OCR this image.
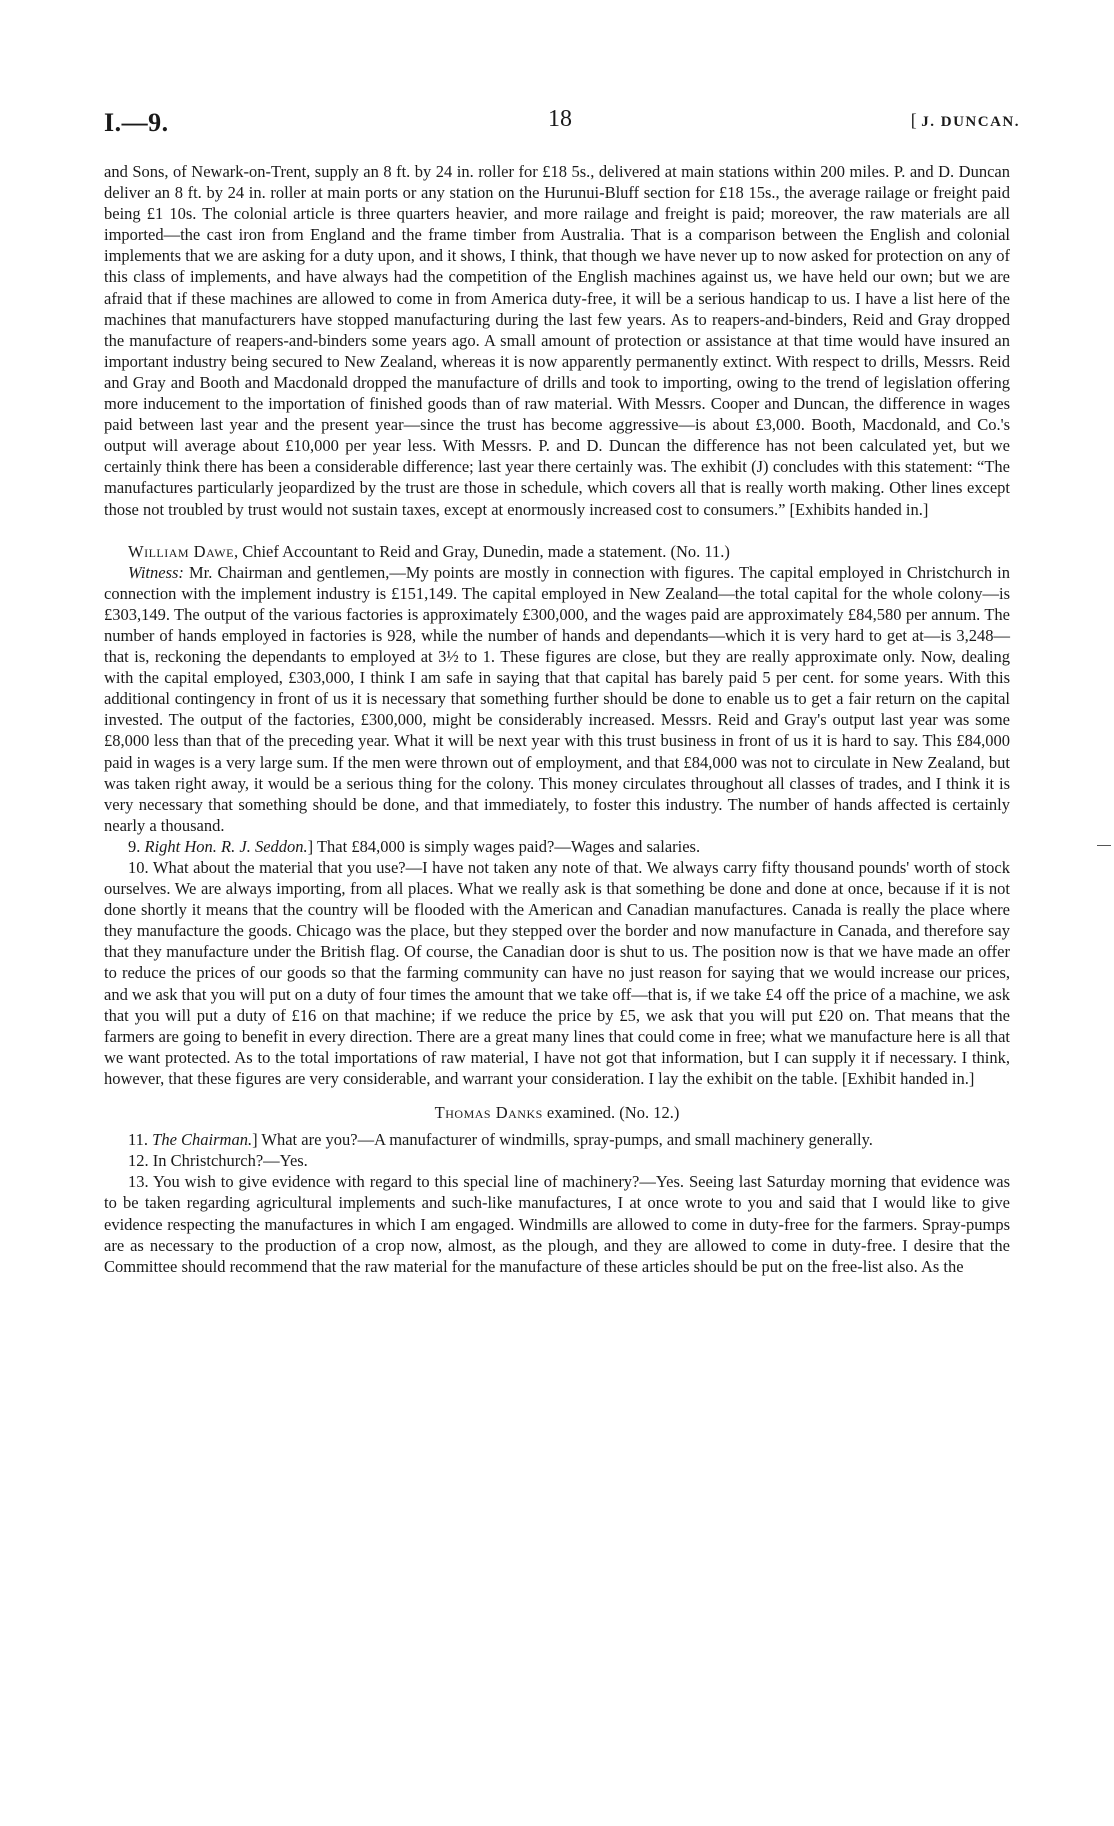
I.—9.	18	[ J. DUNCAN.

and Sons, of Newark-on-Trent, supply an 8 ft. by 24 in. roller for £18 5s., delivered at main stations within 200 miles. P. and D. Duncan deliver an 8 ft. by 24 in. roller at main ports or any station on the Hurunui-Bluff section for £18 15s., the average railage or freight paid being £1 10s. The colonial article is three quarters heavier, and more railage and freight is paid; moreover, the raw materials are all imported—the cast iron from England and the frame timber from Australia. That is a comparison between the English and colonial implements that we are asking for a duty upon, and it shows, I think, that though we have never up to now asked for protection on any of this class of implements, and have always had the competition of the English machines against us, we have held our own; but we are afraid that if these machines are allowed to come in from America duty-free, it will be a serious handicap to us. I have a list here of the machines that manufacturers have stopped manufacturing during the last few years. As to reapers-and-binders, Reid and Gray dropped the manufacture of reapers-and-binders some years ago. A small amount of protection or assistance at that time would have insured an important industry being secured to New Zealand, whereas it is now apparently permanently extinct. With respect to drills, Messrs. Reid and Gray and Booth and Macdonald dropped the manufacture of drills and took to importing, owing to the trend of legislation offering more inducement to the importation of finished goods than of raw material. With Messrs. Cooper and Duncan, the difference in wages paid between last year and the present year—since the trust has become aggressive—is about £3,000. Booth, Macdonald, and Co.'s output will average about £10,000 per year less. With Messrs. P. and D. Duncan the difference has not been calculated yet, but we certainly think there has been a considerable difference; last year there certainly was. The exhibit (J) concludes with this statement: “The manufactures particularly jeopardized by the trust are those in schedule, which covers all that is really worth making. Other lines except those not troubled by trust would not sustain taxes, except at enormously increased cost to consumers.” [Exhibits handed in.]

William Dawe, Chief Accountant to Reid and Gray, Dunedin, made a statement. (No. 11.)

Witness: Mr. Chairman and gentlemen,—My points are mostly in connection with figures. The capital employed in Christchurch in connection with the implement industry is £151,149. The capital employed in New Zealand—the total capital for the whole colony—is £303,149. The output of the various factories is approximately £300,000, and the wages paid are approximately £84,580 per annum. The number of hands employed in factories is 928, while the number of hands and dependants—which it is very hard to get at—is 3,248—that is, reckoning the dependants to employed at 3½ to 1. These figures are close, but they are really approximate only. Now, dealing with the capital employed, £303,000, I think I am safe in saying that that capital has barely paid 5 per cent. for some years. With this additional contingency in front of us it is necessary that something further should be done to enable us to get a fair return on the capital invested. The output of the factories, £300,000, might be considerably increased. Messrs. Reid and Gray's output last year was some £8,000 less than that of the preceding year. What it will be next year with this trust business in front of us it is hard to say. This £84,000 paid in wages is a very large sum. If the men were thrown out of employment, and that £84,000 was not to circulate in New Zealand, but was taken right away, it would be a serious thing for the colony. This money circulates throughout all classes of trades, and I think it is very necessary that something should be done, and that immediately, to foster this industry. The number of hands affected is certainly nearly a thousand.

9. Right Hon. R. J. Seddon.] That £84,000 is simply wages paid?—Wages and salaries.

10. What about the material that you use?—I have not taken any note of that. We always carry fifty thousand pounds' worth of stock ourselves. We are always importing, from all places. What we really ask is that something be done and done at once, because if it is not done shortly it means that the country will be flooded with the American and Canadian manufactures. Canada is really the place where they manufacture the goods. Chicago was the place, but they stepped over the border and now manufacture in Canada, and therefore say that they manufacture under the British flag. Of course, the Canadian door is shut to us. The position now is that we have made an offer to reduce the prices of our goods so that the farming community can have no just reason for saying that we would increase our prices, and we ask that you will put on a duty of four times the amount that we take off—that is, if we take £4 off the price of a machine, we ask that you will put a duty of £16 on that machine; if we reduce the price by £5, we ask that you will put £20 on. That means that the farmers are going to benefit in every direction. There are a great many lines that could come in free; what we manufacture here is all that we want protected. As to the total importations of raw material, I have not got that information, but I can supply it if necessary. I think, however, that these figures are very considerable, and warrant your consideration. I lay the exhibit on the table. [Exhibit handed in.]

Thomas Danks examined. (No. 12.)

11. The Chairman.] What are you?—A manufacturer of windmills, spray-pumps, and small machinery generally.

12. In Christchurch?—Yes.

13. You wish to give evidence with regard to this special line of machinery?—Yes. Seeing last Saturday morning that evidence was to be taken regarding agricultural implements and such-like manufactures, I at once wrote to you and said that I would like to give evidence respecting the manufactures in which I am engaged. Windmills are allowed to come in duty-free for the farmers. Spray-pumps are as necessary to the production of a crop now, almost, as the plough, and they are allowed to come in duty-free. I desire that the Committee should recommend that the raw material for the manufacture of these articles should be put on the free-list also. As the
